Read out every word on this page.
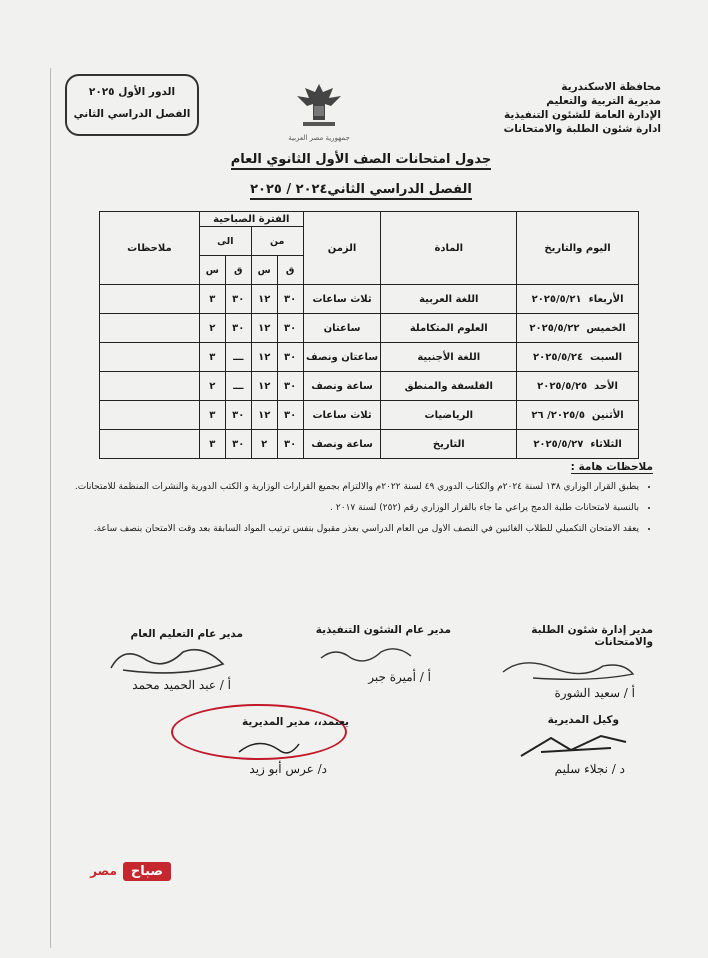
محافظة الاسكندرية
مديرية التربية والتعليم
الإدارة العامة للشئون التنفيذية
ادارة شئون الطلبة والامتحانات
جمهورية مصر العربية
الدور الأول ٢٠٢٥
الفصل الدراسي الثاني
جدول امتحانات الصف الأول الثانوي العام
الفصل الدراسي الثاني٢٠٢٤ / ٢٠٢٥
اليوم والتاريخ	المادة	الزمن	الفترة الصباحية				ملاحظات
			من		الى		
			ق	س	ق	س	
الأربعاء  ٢٠٢٥/٥/٢١	اللغة العربية	ثلاث ساعات	٣٠	١٢	٣٠	٣	
الخميس  ٢٠٢٥/٥/٢٢	العلوم المتكاملة	ساعتان	٣٠	١٢	٣٠	٢	
السبت  ٢٠٢٥/٥/٢٤	اللغة الأجنبية	ساعتان ونصف	٣٠	١٢	ـــ	٣	
الأحد  ٢٠٢٥/٥/٢٥	الفلسفة والمنطق	ساعة ونصف	٣٠	١٢	ـــ	٢	
الأثنين  ٢٠٢٥/٥/ ٢٦	الرياضيات	ثلاث ساعات	٣٠	١٢	٣٠	٣	
الثلاثاء  ٢٠٢٥/٥/٢٧	التاريخ	ساعة ونصف	٣٠	٢	٣٠	٣	
ملاحظات هامة :
• يطبق القرار الوزاري ١٣٨ لسنة ٢٠٢٤م والكتاب الدوري ٤٩ لسنة ٢٠٢٢م والالتزام بجميع القرارات الوزارية و الكتب الدورية والنشرات المنظمة للامتحانات.
• بالنسبة لامتحانات طلبة الدمج يراعي ما جاء بالقرار الوزاري رقم (٢٥٢) لسنة ٢٠١٧ .
• يعقد الامتحان التكميلي للطلاب الغائبين في النصف الاول من العام الدراسي بعذر مقبول بنفس ترتيب المواد السابقة بعد وقت الامتحان بنصف ساعة.
مدير إدارة شئون الطلبة والامتحانات
أ / سعيد الشورة
مدير عام الشئون التنفيذية
أ / أميرة جبر
مدير عام التعليم العام
أ / عبد الحميد محمد
وكيل المديرية
د / نجلاء سليم
يعتمد،، مدير المديرية
د/ عرس أبو زيد
صباح
مصر
